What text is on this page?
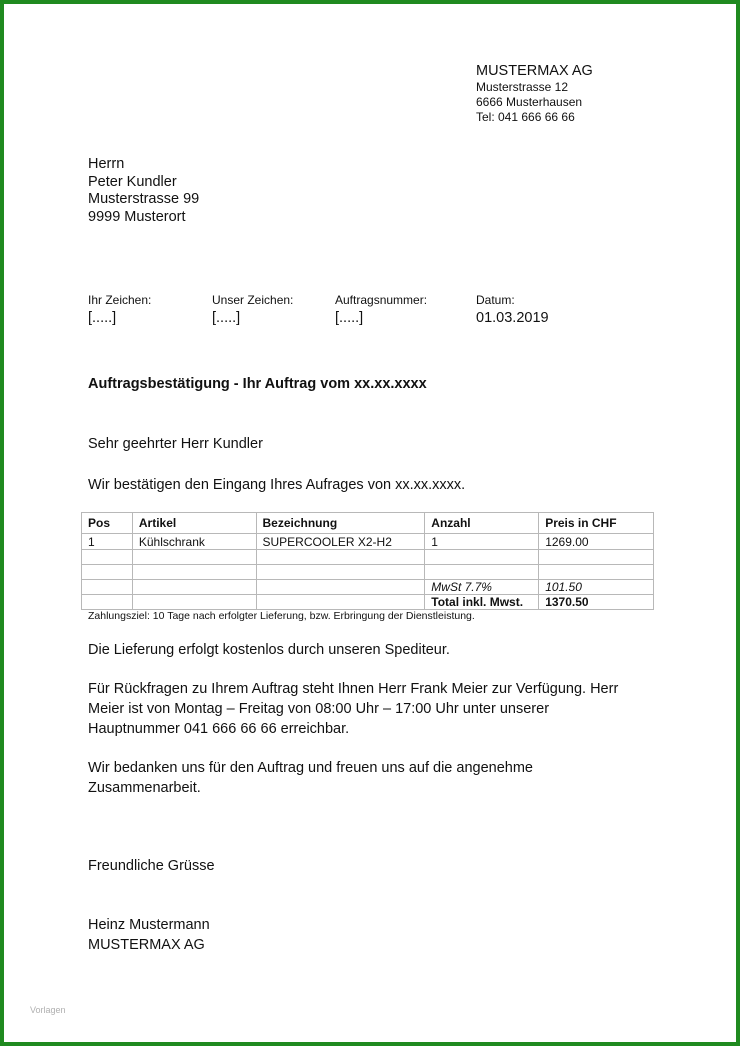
MUSTERMAX AG
Musterstrasse 12
6666 Musterhausen
Tel: 041 666 66 66
Herrn
Peter Kundler
Musterstrasse 99
9999 Musterort
Ihr Zeichen:
[.....]
Unser Zeichen:
[.....]
Auftragsnummer:
[.....]
Datum:
01.03.2019
Auftragsbestätigung - Ihr Auftrag vom xx.xx.xxxx
Sehr geehrter Herr Kundler
Wir bestätigen den Eingang Ihres Aufrages von xx.xx.xxxx.
Pos	Artikel	Bezeichnung	Anzahl	Preis in CHF
1	Kühlschrank	SUPERCOOLER X2-H2	1	1269.00

			MwSt 7.7%	101.50
			Total inkl. Mwst.	1370.50
Zahlungsziel: 10 Tage nach erfolgter Lieferung, bzw. Erbringung der Dienstleistung.
Die Lieferung erfolgt kostenlos durch unseren Spediteur.
Für Rückfragen zu Ihrem Auftrag steht Ihnen Herr Frank Meier zur Verfügung. Herr
Meier ist von Montag – Freitag von 08:00 Uhr – 17:00 Uhr unter unserer
Hauptnummer 041 666 66 66 erreichbar.
Wir bedanken uns für den Auftrag und freuen uns auf die angenehme
Zusammenarbeit.
Freundliche Grüsse
Heinz Mustermann
MUSTERMAX AG
Vorlagen
